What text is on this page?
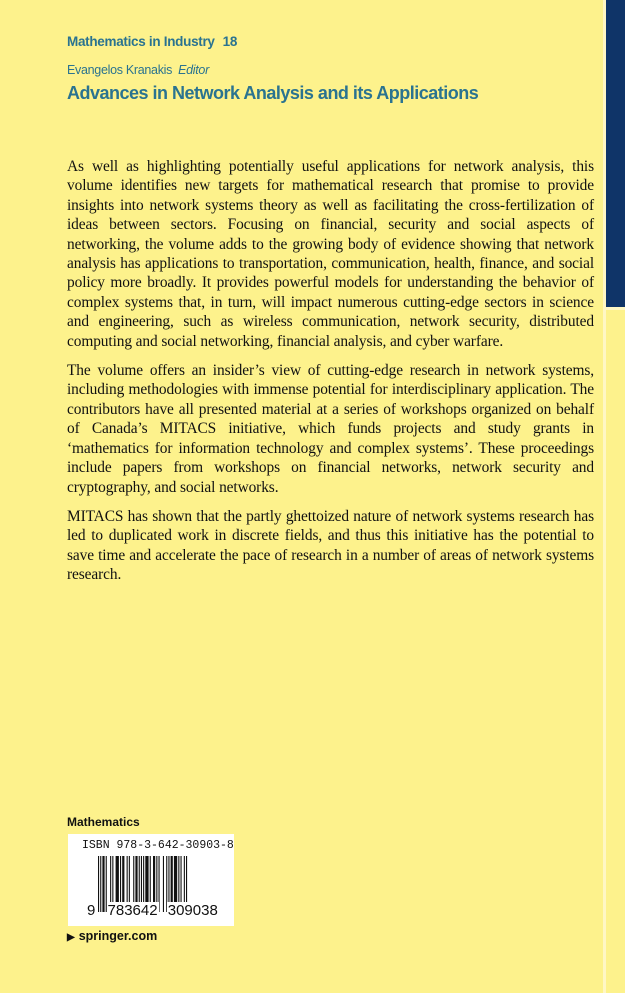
Mathematics in Industry 18
Evangelos Kranakis Editor
Advances in Network Analysis and its Applications

As well as highlighting potentially useful applications for network analysis, this volume identifies new targets for mathematical research that promise to provide insights into network systems theory as well as facilitating the cross-fertilization of ideas between sectors. Focusing on financial, security and social aspects of networking, the volume adds to the growing body of evidence showing that network analysis has applications to transportation, communication, health, finance, and social policy more broadly. It provides powerful models for understanding the behavior of complex systems that, in turn, will impact numerous cutting-edge sectors in science and engineering, such as wireless communication, network security, distributed computing and social networking, financial analysis, and cyber warfare.

The volume offers an insider’s view of cutting-edge research in network systems, including methodologies with immense potential for interdisciplinary application. The contributors have all presented material at a series of workshops organized on behalf of Canada’s MITACS initiative, which funds projects and study grants in ‘mathematics for information technology and complex systems’. These proceedings include papers from workshops on financial networks, network security and cryptography, and social networks.

MITACS has shown that the partly ghettoized nature of network systems research has led to duplicated work in discrete fields, and thus this initiative has the potential to save time and accelerate the pace of research in a number of areas of network systems research.

Mathematics
ISBN 978-3-642-30903-8
9 783642 309038
▶ springer.com
